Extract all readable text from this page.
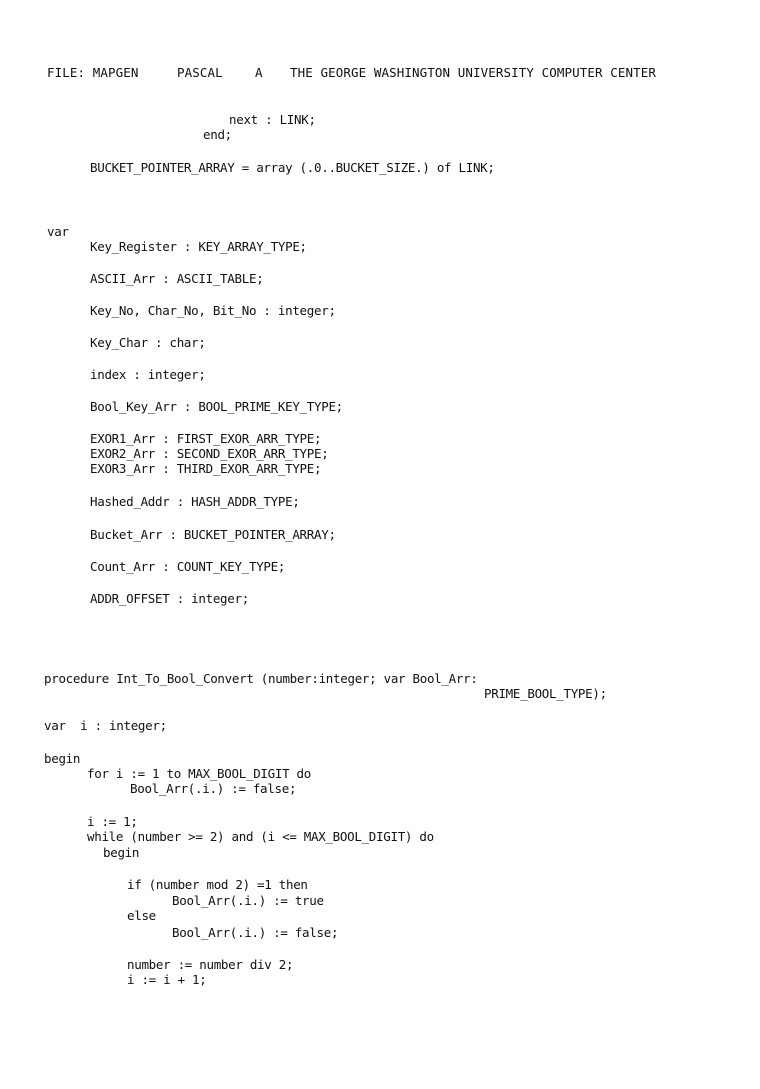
FILE: MAPGEN	PASCAL	A THE GEORGE WASHINGTON UNIVERSITY COMPUTER CENTER
next : LINK;
end;
BUCKET_POINTER_ARRAY = array (.0..BUCKET_SIZE.) of LINK;
var
Key_Register : KEY_ARRAY_TYPE;
ASCII_Arr : ASCII_TABLE;
Key_No, Char_No, Bit_No : integer;
Key_Char : char;
index : integer;
Bool_Key_Arr : BOOL_PRIME_KEY_TYPE;
EXOR1_Arr : FIRST_EXOR_ARR_TYPE;
EXOR2_Arr : SECOND_EXOR_ARR_TYPE;
EXOR3_Arr : THIRD_EXOR_ARR_TYPE;
Hashed_Addr : HASH_ADDR_TYPE;
Bucket_Arr : BUCKET_POINTER_ARRAY;
Count_Arr : COUNT_KEY_TYPE;
ADDR_OFFSET : integer;
procedure Int_To_Bool_Convert (number:integer; var Bool_Arr:
PRIME_BOOL_TYPE);
var  i : integer;
begin
for i := 1 to MAX_BOOL_DIGIT do
Bool_Arr(.i.) := false;
i := 1;
while (number >= 2) and (i <= MAX_BOOL_DIGIT) do
begin
if (number mod 2) =1 then
Bool_Arr(.i.) := true
else
Bool_Arr(.i.) := false;
number := number div 2;
i := i + 1;
